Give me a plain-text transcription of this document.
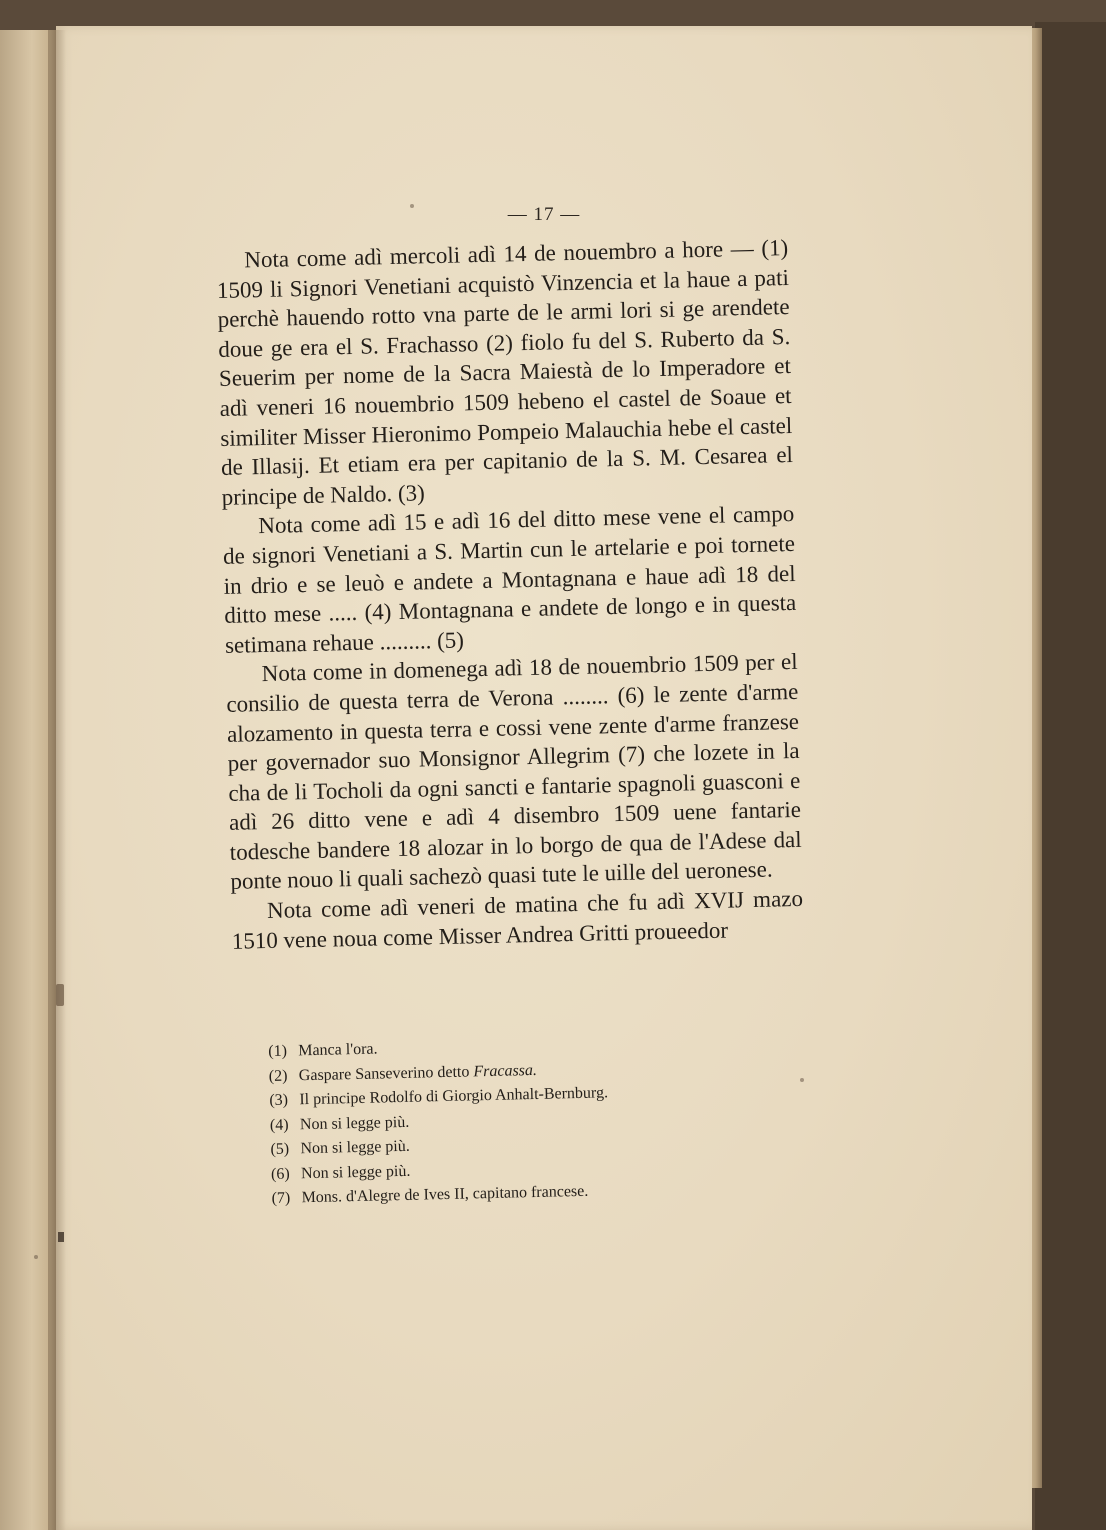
— 17 —

Nota come adì mercoli adì 14 de nouembro a hore — (1) 1509 li Signori Venetiani acquistò Vinzencia et la haue a pati perchè hauendo rotto vna parte de le armi lori si ge arendete doue ge era el S. Frachasso (2) fiolo fu del S. Ruberto da S. Seuerim per nome de la Sacra Maiestà de lo Imperadore et adì veneri 16 nouembrio 1509 hebeno el castel de Soaue et similiter Misser Hieronimo Pompeio Malauchia hebe el castel de Illasij. Et etiam era per capitanio de la S. M. Cesarea el principe de Naldo. (3)

Nota come adì 15 e adì 16 del ditto mese vene el campo de signori Venetiani a S. Martin cun le artelarie e poi tornete in drio e se leuò e andete a Montagnana e haue adì 18 del ditto mese ..... (4) Montagnana e andete de longo e in questa setimana rehaue ......... (5)

Nota come in domenega adì 18 de nouembrio 1509 per el consilio de questa terra de Verona ........ (6) le zente d'arme alozamento in questa terra e cossi vene zente d'arme franzese per governador suo Monsignor Allegrim (7) che lozete in la cha de li Tocholi da ogni sancti e fantarie spagnoli guasconi e adì 26 ditto vene e adì 4 disembro 1509 uene fantarie todesche bandere 18 alozar in lo borgo de qua de l'Adese dal ponte nouo li quali sachezò quasi tute le uille del ueronese.

Nota come adì veneri de matina che fu adì XVIJ mazo 1510 vene noua come Misser Andrea Gritti proueedor

(1) Manca l'ora.
(2) Gaspare Sanseverino detto Fracassa.
(3) Il principe Rodolfo di Giorgio Anhalt-Bernburg.
(4) Non si legge più.
(5) Non si legge più.
(6) Non si legge più.
(7) Mons. d'Alegre de Ives II, capitano francese.
